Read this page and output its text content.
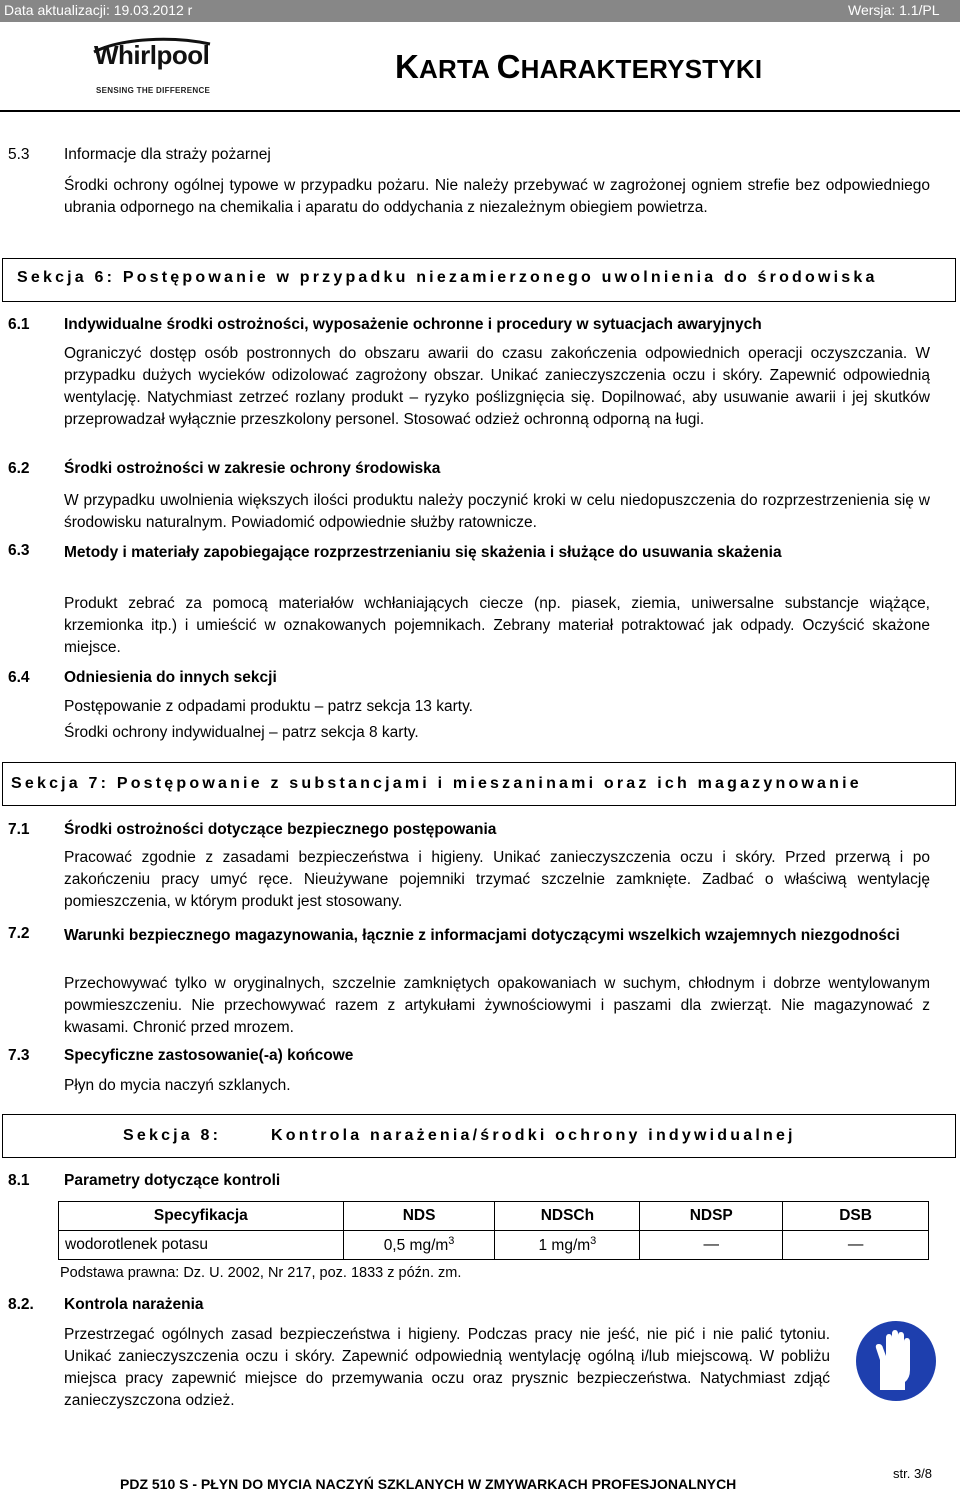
Data aktualizacji: 19.03.2012 r	Wersja: 1.1/PL
Whirlpool
SENSING THE DIFFERENCE
KARTA CHARAKTERYSTYKI
5.3 Informacje dla straży pożarnej
Środki ochrony ogólnej typowe w przypadku pożaru. Nie należy przebywać w zagrożonej ogniem strefie bez odpowiedniego ubrania odpornego na chemikalia i aparatu do oddychania z niezależnym obiegiem powietrza.
Sekcja 6: Postępowanie w przypadku niezamierzonego uwolnienia do środowiska
6.1 Indywidualne środki ostrożności, wyposażenie ochronne i procedury w sytuacjach awaryjnych
Ograniczyć dostęp osób postronnych do obszaru awarii do czasu zakończenia odpowiednich operacji oczyszczania. W przypadku dużych wycieków odizolować zagrożony obszar. Unikać zanieczyszczenia oczu i skóry. Zapewnić odpowiednią wentylację. Natychmiast zetrzeć rozlany produkt – ryzyko poślizgnięcia się. Dopilnować, aby usuwanie awarii i jej skutków przeprowadzał wyłącznie przeszkolony personel. Stosować odzież ochronną odporną na ługi.
6.2 Środki ostrożności w zakresie ochrony środowiska
W przypadku uwolnienia większych ilości produktu należy poczynić kroki w celu niedopuszczenia do rozprzestrzenienia się w środowisku naturalnym. Powiadomić odpowiednie służby ratownicze.
6.3 Metody i materiały zapobiegające rozprzestrzenianiu się skażenia i służące do usuwania skażenia
Produkt zebrać za pomocą materiałów wchłaniających ciecze (np. piasek, ziemia, uniwersalne substancje wiążące, krzemionka itp.) i umieścić w oznakowanych pojemnikach. Zebrany materiał potraktować jak odpady. Oczyścić skażone miejsce.
6.4 Odniesienia do innych sekcji
Postępowanie z odpadami produktu – patrz sekcja 13 karty.
Środki ochrony indywidualnej – patrz sekcja 8 karty.
Sekcja 7: Postępowanie z substancjami i mieszaninami oraz ich magazynowanie
7.1 Środki ostrożności dotyczące bezpiecznego postępowania
Pracować zgodnie z zasadami bezpieczeństwa i higieny. Unikać zanieczyszczenia oczu i skóry. Przed przerwą i po zakończeniu pracy umyć ręce. Nieużywane pojemniki trzymać szczelnie zamknięte. Zadbać o właściwą wentylację pomieszczenia, w którym produkt jest stosowany.
7.2 Warunki bezpiecznego magazynowania, łącznie z informacjami dotyczącymi wszelkich wzajemnych niezgodności
Przechowywać tylko w oryginalnych, szczelnie zamkniętych opakowaniach w suchym, chłodnym i dobrze wentylowanym powmieszczeniu. Nie przechowywać razem z artykułami żywnościowymi i paszami dla zwierząt. Nie magazynować z kwasami. Chronić przed mrozem.
7.3 Specyficzne zastosowanie(-a) końcowe
Płyn do mycia naczyń szklanych.
Sekcja 8:	Kontrola narażenia/środki ochrony indywidualnej
8.1 Parametry dotyczące kontroli
Specyfikacja	NDS	NDSCh	NDSP	DSB
wodorotlenek potasu	0,5 $mg/m^3$	1 $mg/m^3$	—	—
Podstawa prawna: Dz. U. 2002, Nr 217, poz. 1833 z późn. zm.
8.2. Kontrola narażenia
Przestrzegać ogólnych zasad bezpieczeństwa i higieny. Podczas pracy nie jeść, nie pić i nie palić tytoniu. Unikać zanieczyszczenia oczu i skóry. Zapewnić odpowiednią wentylację ogólną i/lub miejscową. W pobliżu miejsca pracy zapewnić miejsce do przemywania oczu oraz prysznic bezpieczeństwa. Natychmiast zdjąć zanieczyszczona odzież.
PDZ 510 S - PŁYN DO MYCIA NACZYŃ SZKLANYCH W ZMYWARKACH PROFESJONALNYCH
str. 3/8
